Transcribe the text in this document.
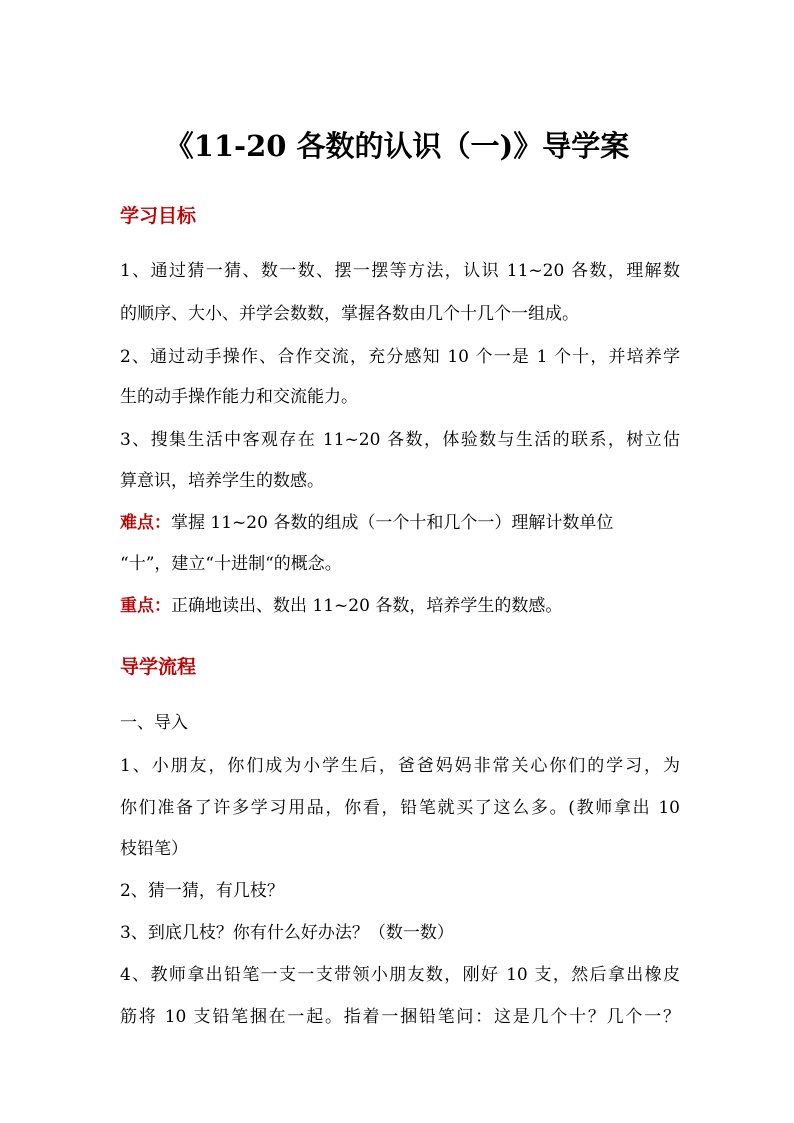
《11-20 各数的认识（一)》导学案
学习目标
1、通过猜一猜、数一数、摆一摆等方法，认识 11~20 各数，理解数
的顺序、大小、并学会数数，掌握各数由几个十几个一组成。
2、通过动手操作、合作交流，充分感知 10 个一是 1 个十，并培养学
生的动手操作能力和交流能力。
3、搜集生活中客观存在 11~20 各数，体验数与生活的联系，树立估
算意识，培养学生的数感。
难点：掌握 11~20 各数的组成（一个十和几个一）理解计数单位
“十”，建立“十进制“的概念。
重点：正确地读出、数出 11~20 各数，培养学生的数感。
导学流程
一、导入
1、小朋友，你们成为小学生后，爸爸妈妈非常关心你们的学习，为
你们准备了许多学习用品，你看，铅笔就买了这么多。(教师拿出 10
枝铅笔）
2、猜一猜，有几枝？
3、到底几枝？你有什么好办法？（数一数）
4、教师拿出铅笔一支一支带领小朋友数，刚好 10 支，然后拿出橡皮
筋将 10 支铅笔捆在一起。指着一捆铅笔问：这是几个十？几个一？
